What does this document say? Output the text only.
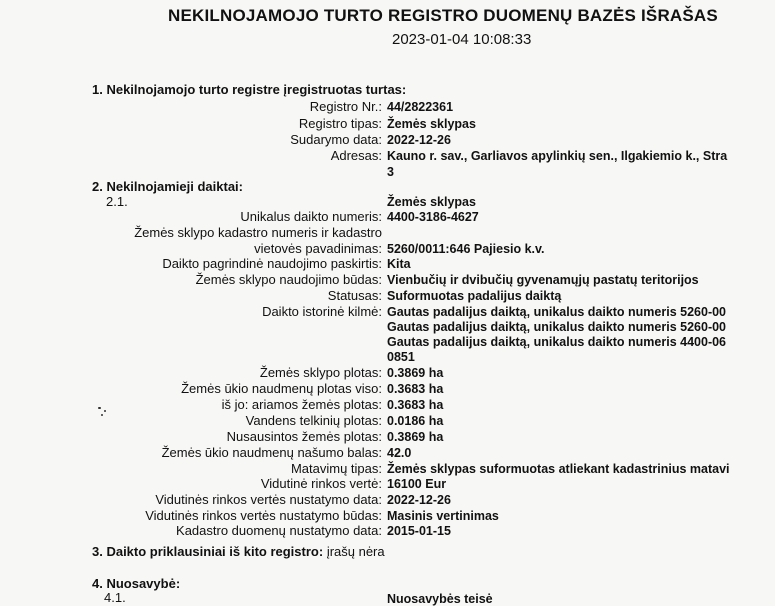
NEKILNOJAMOJO TURTO REGISTRO DUOMENŲ BAZĖS IŠRAŠAS
2023-01-04 10:08:33
1. Nekilnojamojo turto registre įregistruotas turtas:
Registro Nr.: 44/2822361
Registro tipas: Žemės sklypas
Sudarymo data: 2022-12-26
Adresas: Kauno r. sav., Garliavos apylinkių sen., Ilgakiemio k., Stra
3
2. Nekilnojamieji daiktai:
2.1.	Žemės sklypas
Unikalus daikto numeris: 4400-3186-4627
Žemės sklypo kadastro numeris ir kadastro
vietovės pavadinimas: 5260/0011:646 Pajiesio k.v.
Daikto pagrindinė naudojimo paskirtis: Kita
Žemės sklypo naudojimo būdas: Vienbučių ir dvibučių gyvenamųjų pastatų teritorijos
Statusas: Suformuotas padalijus daiktą
Daikto istorinė kilmė: Gautas padalijus daiktą, unikalus daikto numeris 5260-00
Gautas padalijus daiktą, unikalus daikto numeris 5260-00
Gautas padalijus daiktą, unikalus daikto numeris 4400-06
0851
Žemės sklypo plotas: 0.3869 ha
Žemės ūkio naudmenų plotas viso: 0.3683 ha
iš jo: ariamos žemės plotas: 0.3683 ha
Vandens telkinių plotas: 0.0186 ha
Nusausintos žemės plotas: 0.3869 ha
Žemės ūkio naudmenų našumo balas: 42.0
Matavimų tipas: Žemės sklypas suformuotas atliekant kadastrinius matavi
Vidutinė rinkos vertė: 16100 Eur
Vidutinės rinkos vertės nustatymo data: 2022-12-26
Vidutinės rinkos vertės nustatymo būdas: Masinis vertinimas
Kadastro duomenų nustatymo data: 2015-01-15
3. Daikto priklausiniai iš kito registro: įrašų nėra
4. Nuosavybė:
4.1.	Nuosavybės teisė
